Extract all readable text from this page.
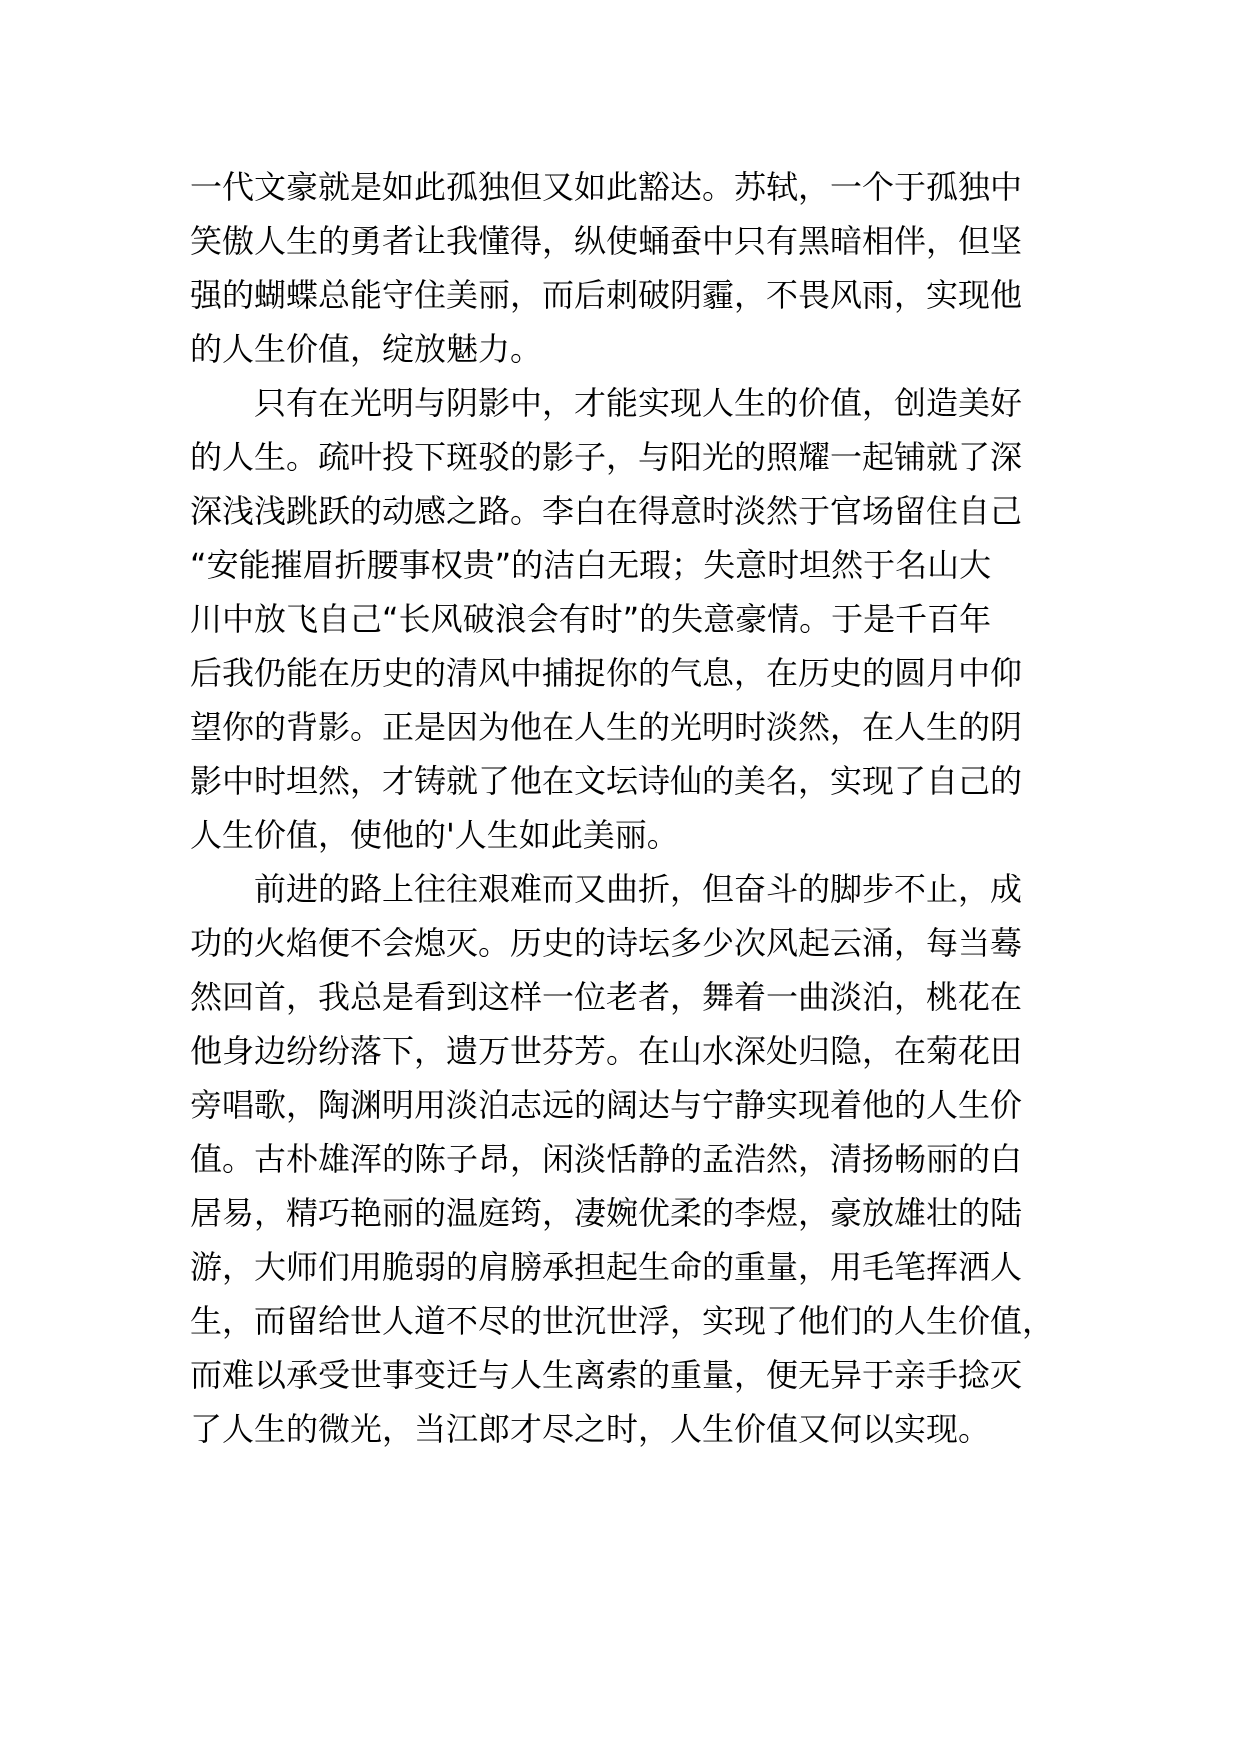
一代文豪就是如此孤独但又如此豁达。苏轼，一个于孤独中
笑傲人生的勇者让我懂得，纵使蛹蚕中只有黑暗相伴，但坚
强的蝴蝶总能守住美丽，而后刺破阴霾，不畏风雨，实现他
的人生价值，绽放魅力。
只有在光明与阴影中，才能实现人生的价值，创造美好
的人生。疏叶投下斑驳的影子，与阳光的照耀一起铺就了深
深浅浅跳跃的动感之路。李白在得意时淡然于官场留住自己
“安能摧眉折腰事权贵”的洁白无瑕；失意时坦然于名山大
川中放飞自己“长风破浪会有时”的失意豪情。于是千百年
后我仍能在历史的清风中捕捉你的气息，在历史的圆月中仰
望你的背影。正是因为他在人生的光明时淡然，在人生的阴
影中时坦然，才铸就了他在文坛诗仙的美名，实现了自己的
人生价值，使他的'人生如此美丽。
前进的路上往往艰难而又曲折，但奋斗的脚步不止，成
功的火焰便不会熄灭。历史的诗坛多少次风起云涌，每当蓦
然回首，我总是看到这样一位老者，舞着一曲淡泊，桃花在
他身边纷纷落下，遗万世芬芳。在山水深处归隐，在菊花田
旁唱歌，陶渊明用淡泊志远的阔达与宁静实现着他的人生价
值。古朴雄浑的陈子昂，闲淡恬静的孟浩然，清扬畅丽的白
居易，精巧艳丽的温庭筠，凄婉优柔的李煜，豪放雄壮的陆
游，大师们用脆弱的肩膀承担起生命的重量，用毛笔挥洒人
生，而留给世人道不尽的世沉世浮，实现了他们的人生价值，
而难以承受世事变迁与人生离索的重量，便无异于亲手捻灭
了人生的微光，当江郎才尽之时，人生价值又何以实现。
